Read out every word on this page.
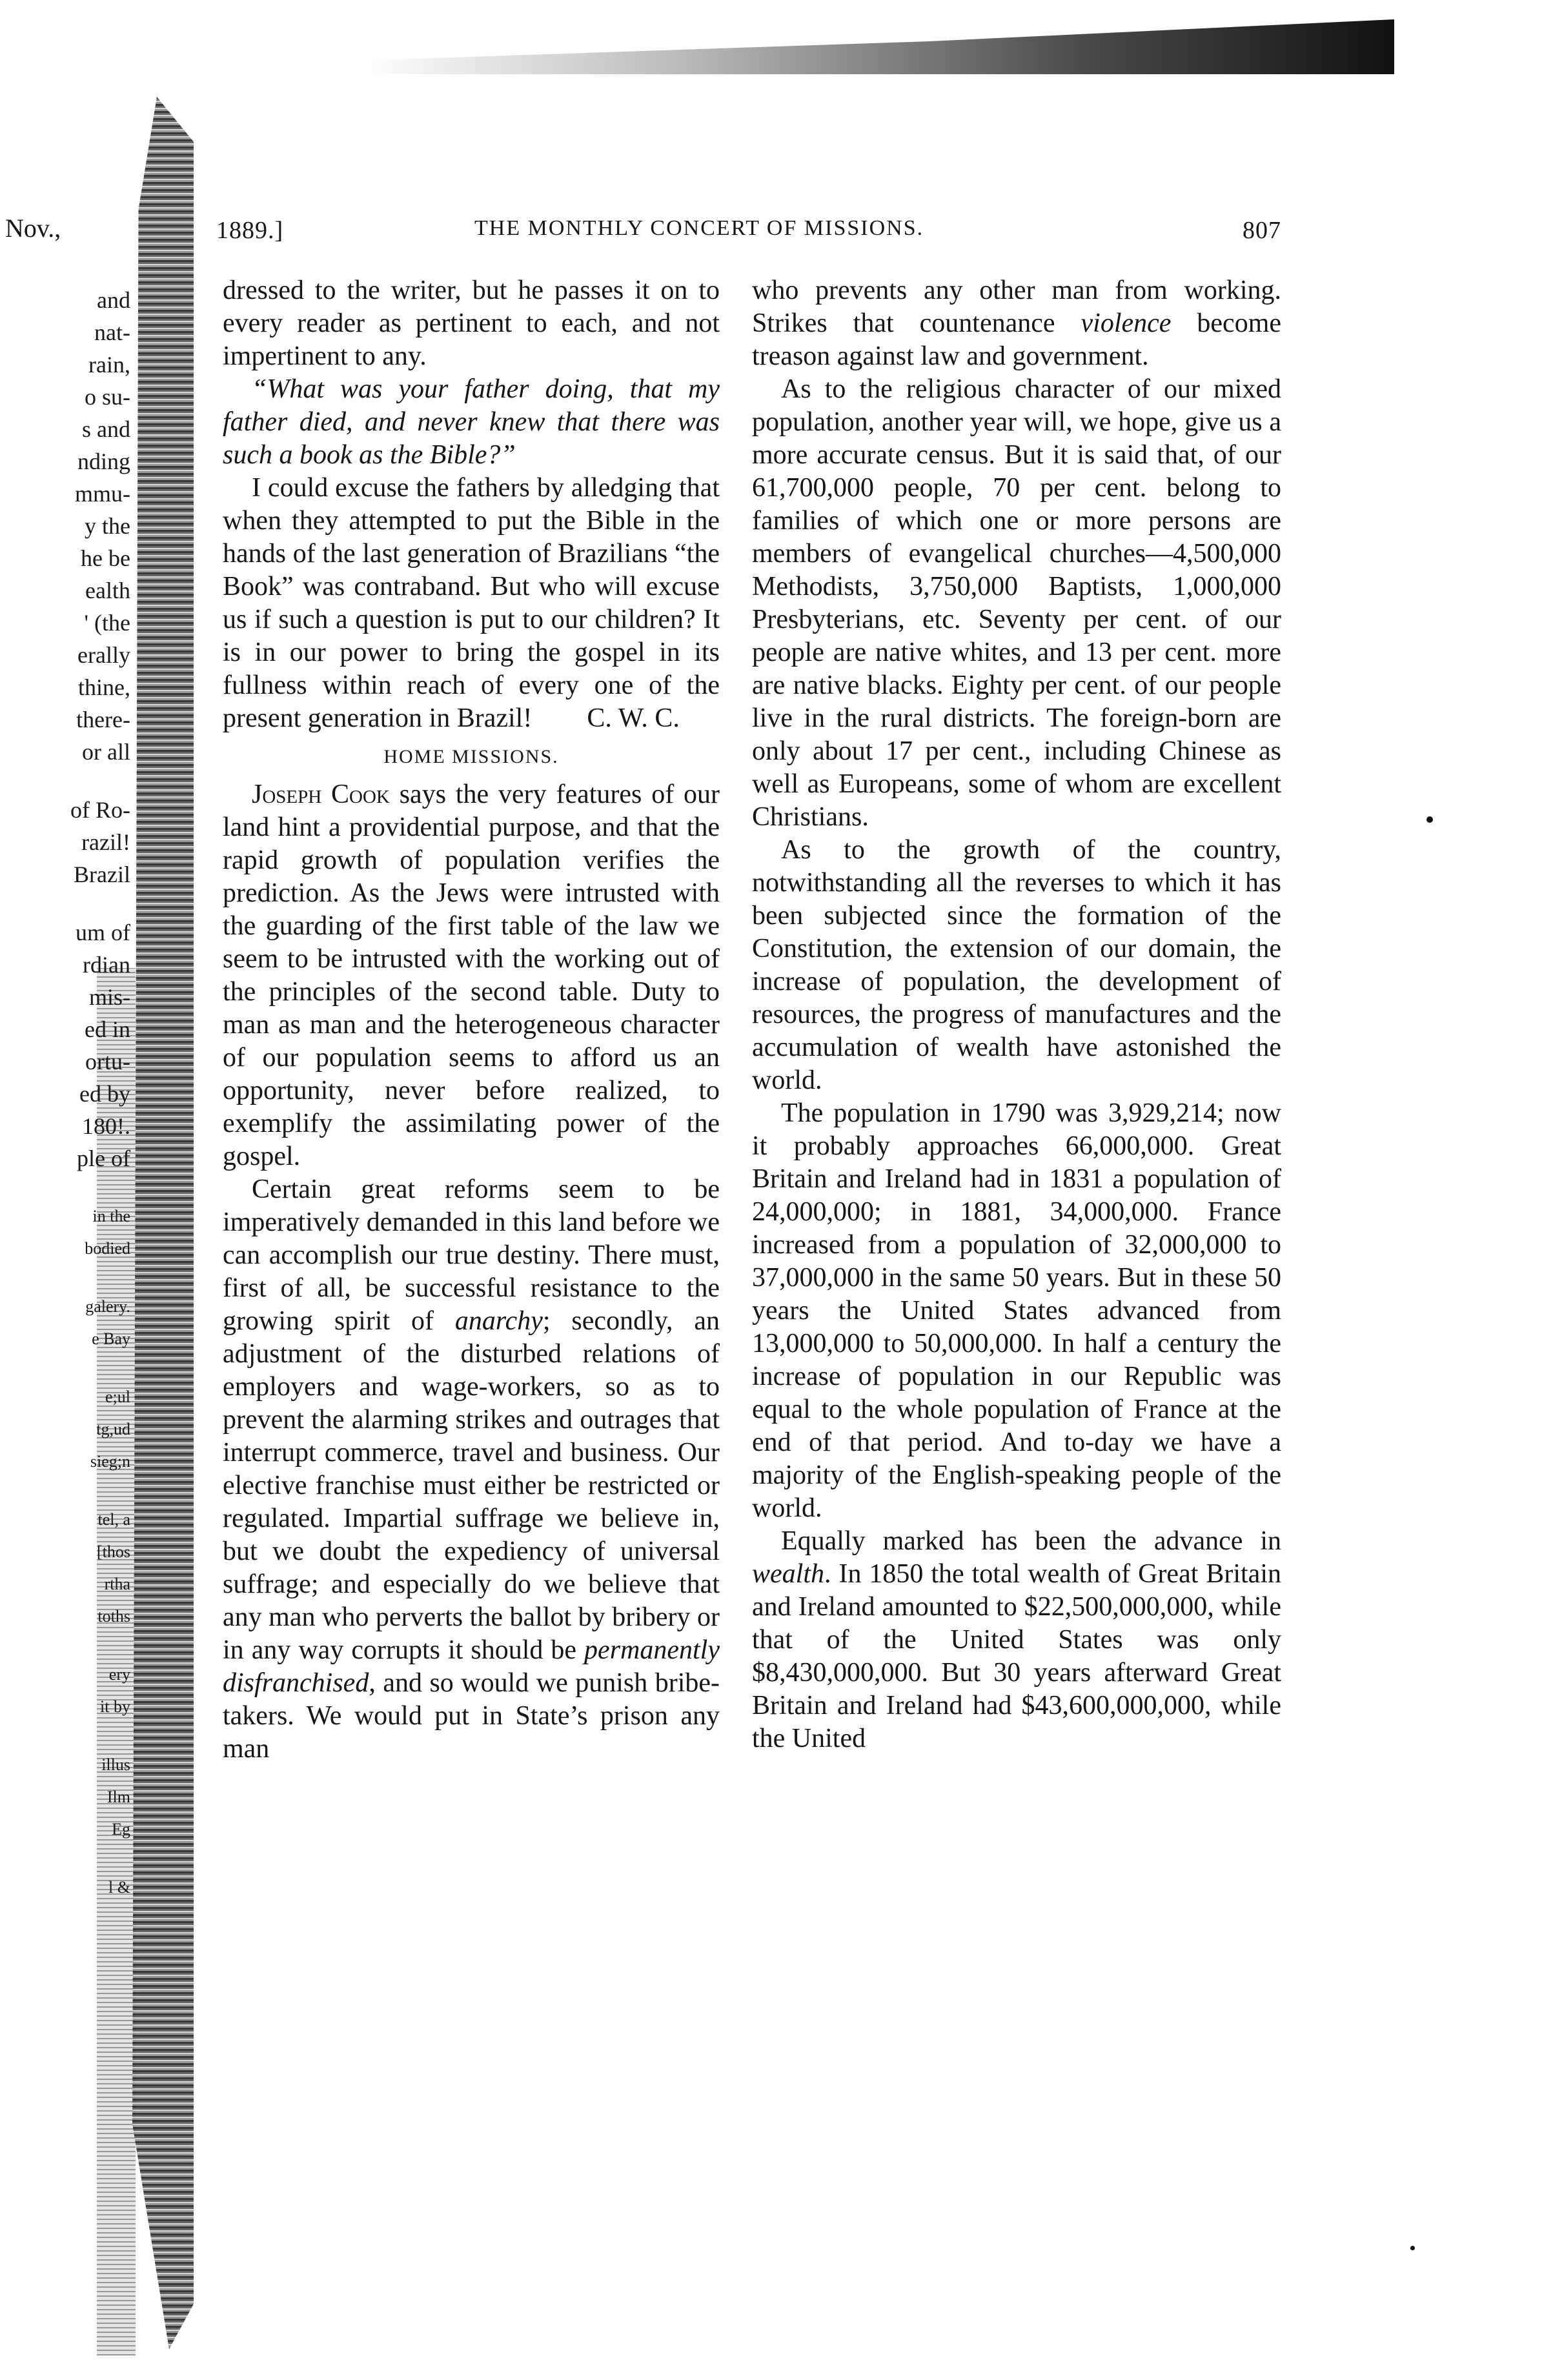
Nov.,
and
nat-
rain,
o su-
s and
nding
mmu-
y the
he be
ealth
' (the
erally
thine,
there-
or all
of Ro-
razil!
Brazil
um of
rdian
mis-
ed in
ortu-
ed by
180!.
ple of
in the
bodied
galery.
e Bay
e;ul
tg,ud
sieg;n
tel, a
[thos
rtha
toths
ery
it by
illus
Ilm
Eg
l &
1889.]	THE MONTHLY CONCERT OF MISSIONS.	807

dressed to the writer, but he passes it on to every reader as pertinent to each, and not impertinent to any.

“What was your father doing, that my father died, and never knew that there was such a book as the Bible?”

I could excuse the fathers by alledging that when they attempted to put the Bible in the hands of the last generation of Brazilians “the Book” was contraband. But who will excuse us if such a question is put to our children? It is in our power to bring the gospel in its fullness within reach of every one of the present generation in Brazil! C. W. C.

HOME MISSIONS.

Joseph Cook says the very features of our land hint a providential purpose, and that the rapid growth of population verifies the prediction. As the Jews were intrusted with the guarding of the first table of the law we seem to be intrusted with the working out of the principles of the second table. Duty to man as man and the heterogeneous character of our population seems to afford us an opportunity, never before realized, to exemplify the assimilating power of the gospel.

Certain great reforms seem to be imperatively demanded in this land before we can accomplish our true destiny. There must, first of all, be successful resistance to the growing spirit of anarchy; secondly, an adjustment of the disturbed relations of employers and wage-workers, so as to prevent the alarming strikes and outrages that interrupt commerce, travel and business. Our elective franchise must either be restricted or regulated. Impartial suffrage we believe in, but we doubt the expediency of universal suffrage; and especially do we believe that any man who perverts the ballot by bribery or in any way corrupts it should be permanently disfranchised, and so would we punish bribe-takers. We would put in State’s prison any man

who prevents any other man from working. Strikes that countenance violence become treason against law and government.

As to the religious character of our mixed population, another year will, we hope, give us a more accurate census. But it is said that, of our 61,700,000 people, 70 per cent. belong to families of which one or more persons are members of evangelical churches—4,500,000 Methodists, 3,750,000 Baptists, 1,000,000 Presbyterians, etc. Seventy per cent. of our people are native whites, and 13 per cent. more are native blacks. Eighty per cent. of our people live in the rural districts. The foreign-born are only about 17 per cent., including Chinese as well as Europeans, some of whom are excellent Christians.

As to the growth of the country, notwithstanding all the reverses to which it has been subjected since the formation of the Constitution, the extension of our domain, the increase of population, the development of resources, the progress of manufactures and the accumulation of wealth have astonished the world.

The population in 1790 was 3,929,214; now it probably approaches 66,000,000. Great Britain and Ireland had in 1831 a population of 24,000,000; in 1881, 34,000,000. France increased from a population of 32,000,000 to 37,000,000 in the same 50 years. But in these 50 years the United States advanced from 13,000,000 to 50,000,000. In half a century the increase of population in our Republic was equal to the whole population of France at the end of that period. And to-day we have a majority of the English-speaking people of the world.

Equally marked has been the advance in wealth. In 1850 the total wealth of Great Britain and Ireland amounted to $22,500,000,000, while that of the United States was only $8,430,000,000. But 30 years afterward Great Britain and Ireland had $43,600,000,000, while the United
